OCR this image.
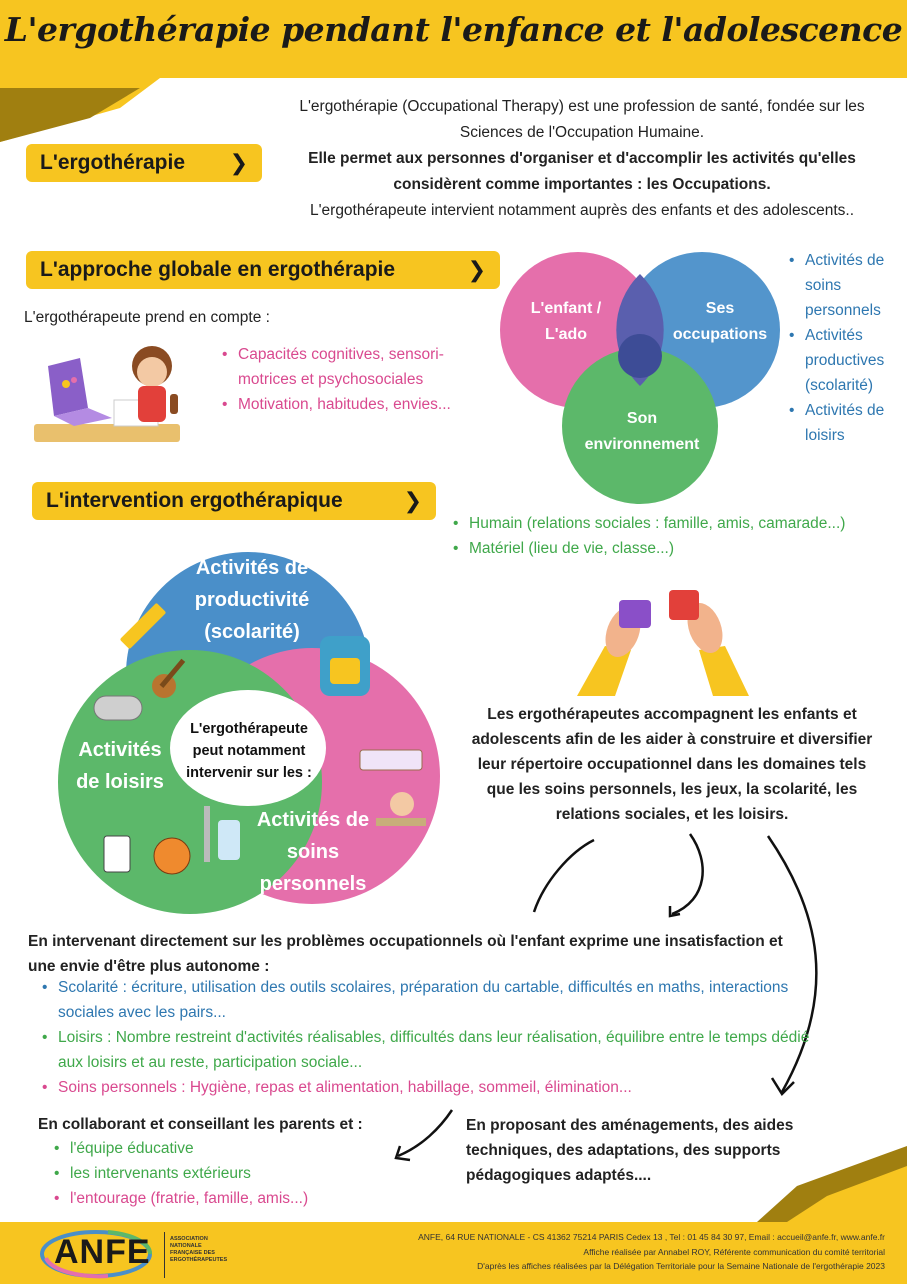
L'ergothérapie pendant l'enfance et l'adolescence
L'ergothérapie ❯
L'ergothérapie (Occupational Therapy) est une profession de santé, fondée sur les Sciences de l'Occupation Humaine.
Elle permet aux personnes d'organiser et d'accomplir les activités qu'elles considèrent comme importantes : les Occupations.
L'ergothérapeute intervient notamment auprès des enfants et des adolescents..
L'approche globale en ergothérapie	❯
L'ergothérapeute prend en compte :
• Capacités cognitives, sensori-motrices et psychosociales
• Motivation, habitudes, envies...
L'enfant / L'ado
Ses occupations
Son environnement
• Activités de soins personnels
• Activités productives (scolarité)
• Activités de loisirs
L'intervention ergothérapique	❯
• Humain (relations sociales : famille, amis, camarade...)
• Matériel (lieu de vie, classe...)
Activités de productivité (scolarité)
Activités de loisirs
Activités de soins personnels
L'ergothérapeute peut notamment intervenir sur les :
Les ergothérapeutes accompagnent les enfants et adolescents afin de les aider à construire et diversifier leur répertoire occupationnel dans les domaines tels que les soins personnels, les jeux, la scolarité, les relations sociales, et les loisirs.
En intervenant directement sur les problèmes occupationnels où l'enfant exprime une insatisfaction et une envie d'être plus autonome :
• Scolarité : écriture, utilisation des outils scolaires, préparation du cartable, difficultés en maths, interactions sociales avec les pairs...
• Loisirs : Nombre restreint d'activités réalisables, difficultés dans leur réalisation, équilibre entre le temps dédié aux loisirs et au reste, participation sociale...
• Soins personnels : Hygiène, repas et alimentation, habillage, sommeil, élimination...
En collaborant et conseillant les parents et :
• l'équipe éducative
• les intervenants extérieurs
• l'entourage (fratrie, famille, amis...)
En proposant des aménagements, des aides techniques, des adaptations, des supports pédagogiques adaptés....
ANFE	ASSOCIATION NATIONALE FRANÇAISE DES ERGOTHÉRAPEUTES
ANFE, 64 RUE NATIONALE - CS 41362 75214 PARIS Cedex 13 , Tel : 01 45 84 30 97, Email : accueil@anfe.fr, www.anfe.fr
Affiche réalisée par Annabel ROY, Référente communication du comité territorial
D'après les affiches réalisées par la Délégation Territoriale pour la Semaine Nationale de l'ergothérapie 2023
